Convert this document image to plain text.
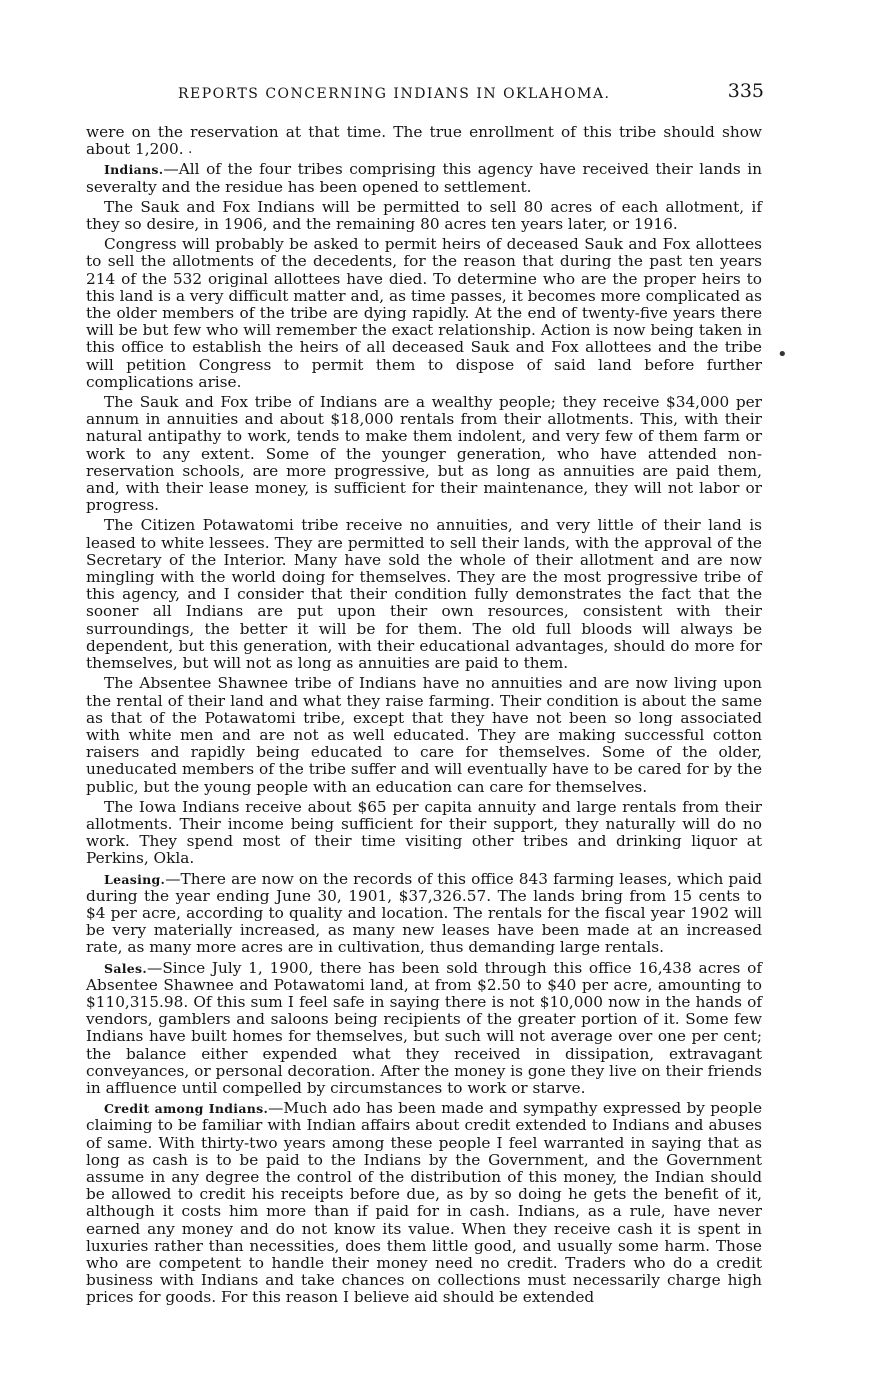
REPORTS CONCERNING INDIANS IN OKLAHOMA.	335

were on the reservation at that time. The true enrollment of this tribe should show about 1,200.

Indians.—All of the four tribes comprising this agency have received their lands in severalty and the residue has been opened to settlement.

The Sauk and Fox Indians will be permitted to sell 80 acres of each allotment, if they so desire, in 1906, and the remaining 80 acres ten years later, or 1916.

Congress will probably be asked to permit heirs of deceased Sauk and Fox allottees to sell the allotments of the decedents, for the reason that during the past ten years 214 of the 532 original allottees have died. To determine who are the proper heirs to this land is a very difficult matter and, as time passes, it becomes more complicated as the older members of the tribe are dying rapidly. At the end of twenty-five years there will be but few who will remember the exact relationship. Action is now being taken in this office to establish the heirs of all deceased Sauk and Fox allottees and the tribe will petition Congress to permit them to dispose of said land before further complications arise.

The Sauk and Fox tribe of Indians are a wealthy people; they receive $34,000 per annum in annuities and about $18,000 rentals from their allotments. This, with their natural antipathy to work, tends to make them indolent, and very few of them farm or work to any extent. Some of the younger generation, who have attended non-reservation schools, are more progressive, but as long as annuities are paid them, and, with their lease money, is sufficient for their maintenance, they will not labor or progress.

The Citizen Potawatomi tribe receive no annuities, and very little of their land is leased to white lessees. They are permitted to sell their lands, with the approval of the Secretary of the Interior. Many have sold the whole of their allotment and are now mingling with the world doing for themselves. They are the most progressive tribe of this agency, and I consider that their condition fully demonstrates the fact that the sooner all Indians are put upon their own resources, consistent with their surroundings, the better it will be for them. The old full bloods will always be dependent, but this generation, with their educational advantages, should do more for themselves, but will not as long as annuities are paid to them.

The Absentee Shawnee tribe of Indians have no annuities and are now living upon the rental of their land and what they raise farming. Their condition is about the same as that of the Potawatomi tribe, except that they have not been so long associated with white men and are not as well educated. They are making successful cotton raisers and rapidly being educated to care for themselves. Some of the older, uneducated members of the tribe suffer and will eventually have to be cared for by the public, but the young people with an education can care for themselves.

The Iowa Indians receive about $65 per capita annuity and large rentals from their allotments. Their income being sufficient for their support, they naturally will do no work. They spend most of their time visiting other tribes and drinking liquor at Perkins, Okla.

Leasing.—There are now on the records of this office 843 farming leases, which paid during the year ending June 30, 1901, $37,326.57. The lands bring from 15 cents to $4 per acre, according to quality and location. The rentals for the fiscal year 1902 will be very materially increased, as many new leases have been made at an increased rate, as many more acres are in cultivation, thus demanding large rentals.

Sales.—Since July 1, 1900, there has been sold through this office 16,438 acres of Absentee Shawnee and Potawatomi land, at from $2.50 to $40 per acre, amounting to $110,315.98. Of this sum I feel safe in saying there is not $10,000 now in the hands of vendors, gamblers and saloons being recipients of the greater portion of it. Some few Indians have built homes for themselves, but such will not average over one per cent; the balance either expended what they received in dissipation, extravagant conveyances, or personal decoration. After the money is gone they live on their friends in affluence until compelled by circumstances to work or starve.

Credit among Indians.—Much ado has been made and sympathy expressed by people claiming to be familiar with Indian affairs about credit extended to Indians and abuses of same. With thirty-two years among these people I feel warranted in saying that as long as cash is to be paid to the Indians by the Government, and the Government assume in any degree the control of the distribution of this money, the Indian should be allowed to credit his receipts before due, as by so doing he gets the benefit of it, although it costs him more than if paid for in cash. Indians, as a rule, have never earned any money and do not know its value. When they receive cash it is spent in luxuries rather than necessities, does them little good, and usually some harm. Those who are competent to handle their money need no credit. Traders who do a credit business with Indians and take chances on collections must necessarily charge high prices for goods. For this reason I believe aid should be extended

·
•
